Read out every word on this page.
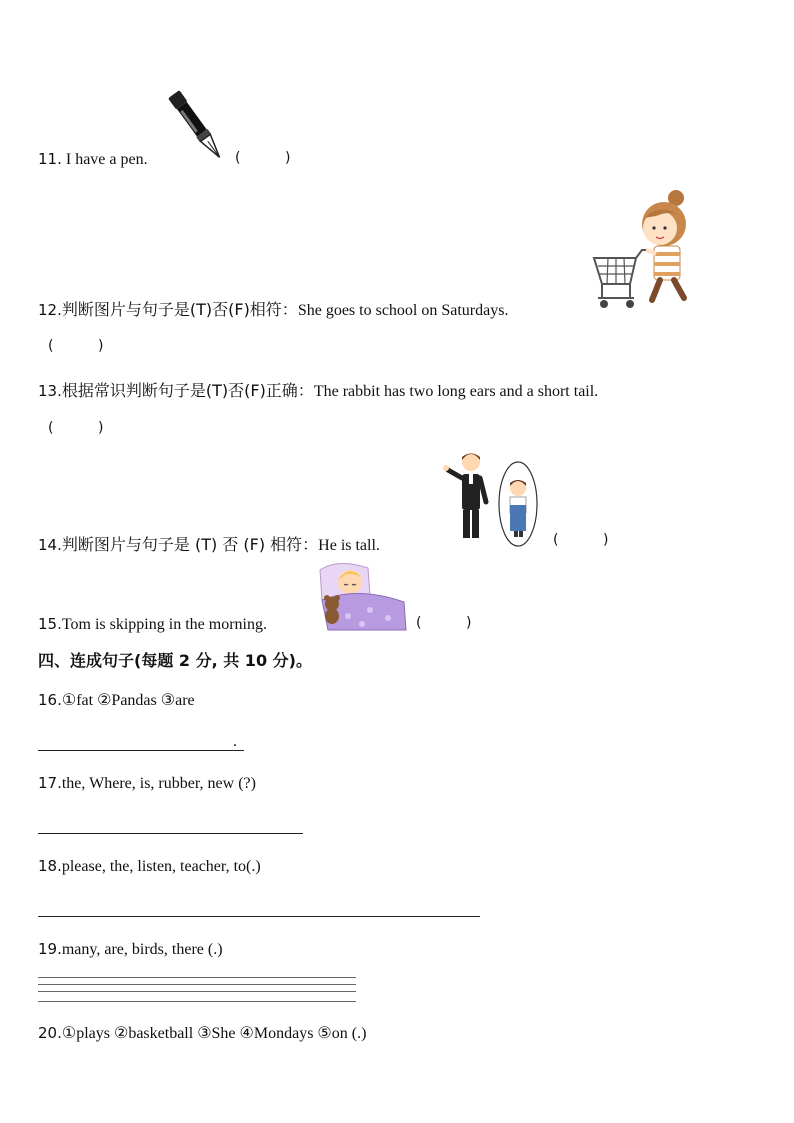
11. I have a pen.	(          )
12.判断图片与句子是(T)否(F)相符：She goes to school on Saturdays.
(          )
13.根据常识判断句子是(T)否(F)正确：The rabbit has two long ears and a short tail.
(          )
14.判断图片与句子是 (T) 否 (F) 相符：He is tall.	(          )
15.Tom is skipping in the morning.	(          )
四、连成句子(每题 2 分, 共 10 分)。
16.①fat ②Pandas ③are
.
17.the, Where, is, rubber, new (?)
18.please, the, listen, teacher, to(.)
19.many, are, birds, there (.)
20.①plays ②basketball ③She ④Mondays ⑤on (.)
